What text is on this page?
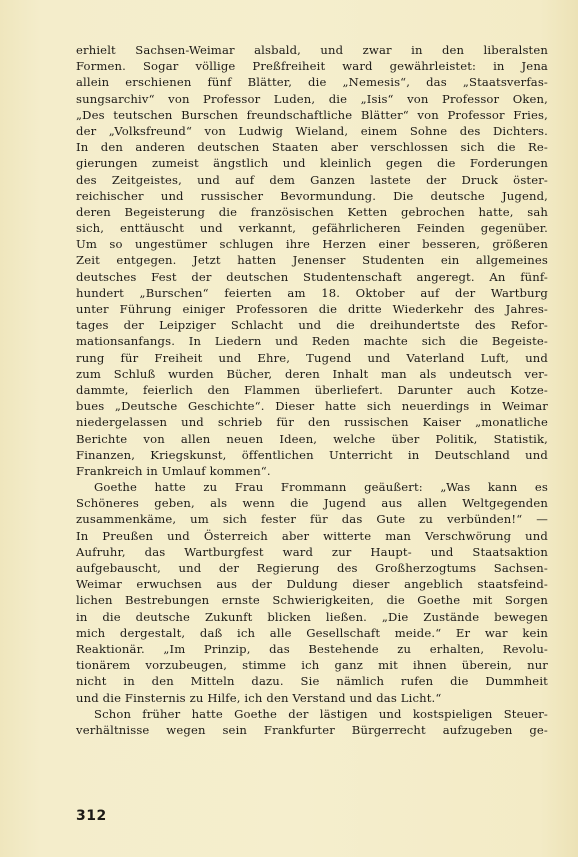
erhielt Sachsen-Weimar alsbald, und zwar in den liberalsten
Formen. Sogar völlige Preßfreiheit ward gewährleistet: in Jena
allein erschienen fünf Blätter, die „Nemesis“, das „Staatsverfas-
sungsarchiv“ von Professor Luden, die „Isis“ von Professor Oken,
„Des teutschen Burschen freundschaftliche Blätter“ von Professor Fries,
der „Volksfreund“ von Ludwig Wieland, einem Sohne des Dichters.
In den anderen deutschen Staaten aber verschlossen sich die Re-
gierungen zumeist ängstlich und kleinlich gegen die Forderungen
des Zeitgeistes, und auf dem Ganzen lastete der Druck öster-
reichischer und russischer Bevormundung. Die deutsche Jugend,
deren Begeisterung die französischen Ketten gebrochen hatte, sah
sich, enttäuscht und verkannt, gefährlicheren Feinden gegenüber.
Um so ungestümer schlugen ihre Herzen einer besseren, größeren
Zeit entgegen. Jetzt hatten Jenenser Studenten ein allgemeines
deutsches Fest der deutschen Studentenschaft angeregt. An fünf-
hundert „Burschen“ feierten am 18. Oktober auf der Wartburg
unter Führung einiger Professoren die dritte Wiederkehr des Jahres-
tages der Leipziger Schlacht und die dreihundertste des Refor-
mationsanfangs. In Liedern und Reden machte sich die Begeiste-
rung für Freiheit und Ehre, Tugend und Vaterland Luft, und
zum Schluß wurden Bücher, deren Inhalt man als undeutsch ver-
dammte, feierlich den Flammen überliefert. Darunter auch Kotze-
bues „Deutsche Geschichte“. Dieser hatte sich neuerdings in Weimar
niedergelassen und schrieb für den russischen Kaiser „monatliche
Berichte von allen neuen Ideen, welche über Politik, Statistik,
Finanzen, Kriegskunst, öffentlichen Unterricht in Deutschland und
Frankreich in Umlauf kommen“.
Goethe hatte zu Frau Frommann geäußert: „Was kann es
Schöneres geben, als wenn die Jugend aus allen Weltgegenden
zusammenkäme, um sich fester für das Gute zu verbünden!“ —
In Preußen und Österreich aber witterte man Verschwörung und
Aufruhr, das Wartburgfest ward zur Haupt- und Staatsaktion
aufgebauscht, und der Regierung des Großherzogtums Sachsen-
Weimar erwuchsen aus der Duldung dieser angeblich staatsfeind-
lichen Bestrebungen ernste Schwierigkeiten, die Goethe mit Sorgen
in die deutsche Zukunft blicken ließen. „Die Zustände bewegen
mich dergestalt, daß ich alle Gesellschaft meide.“ Er war kein
Reaktionär. „Im Prinzip, das Bestehende zu erhalten, Revolu-
tionärem vorzubeugen, stimme ich ganz mit ihnen überein, nur
nicht in den Mitteln dazu. Sie nämlich rufen die Dummheit
und die Finsternis zu Hilfe, ich den Verstand und das Licht.“
Schon früher hatte Goethe der lästigen und kostspieligen Steuer-
verhältnisse wegen sein Frankfurter Bürgerrecht aufzugeben ge-
312
